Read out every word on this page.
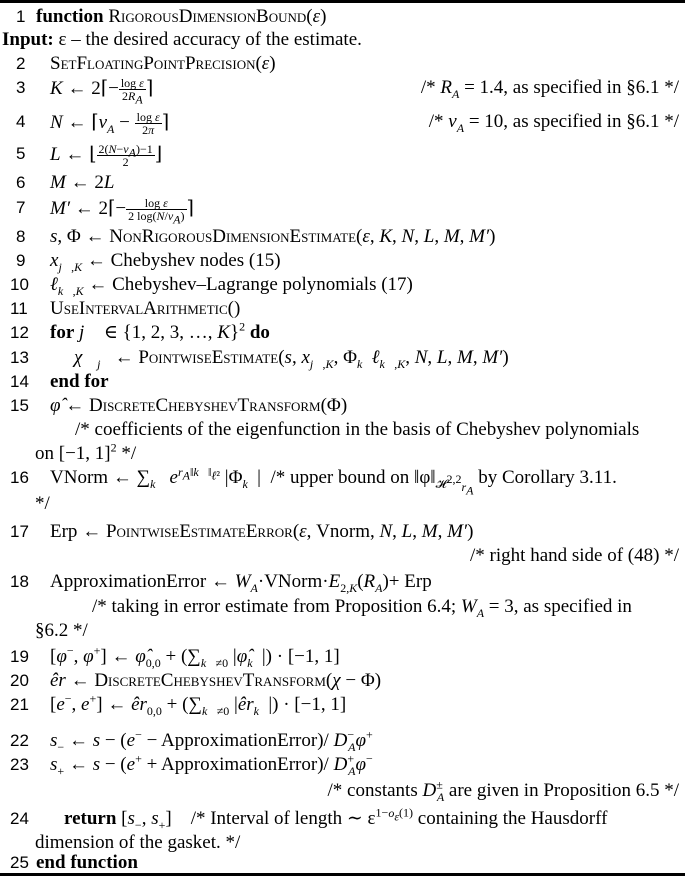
1 function RigorousDimensionBound(ε)
Input: ε – the desired accuracy of the estimate.
2 SetFloatingPointPrecision(ε)
3 K ← 2⌈− $\frac{\text{log ε}}{2R_A}$ ⌉	/* $R_A = 1.4$, as specified in §6.1 */
4 N ← $⌈\nu_A - \frac{\text{log ε}}{2\pi}$ ⌉	/* $\nu_A = 10$, as specified in §6.1 */
5 L ← ⌊ $\frac{2(N-\nu_A)-1}{2}$ ⌋
6 M ← 2L
7 M′ ← 2⌈− $\frac{\text{log ε}}{2 \log(N/\nu_A)}$ ⌉
8 s, Φ ← NonRigorousDimensionEstimate(ε, K, N, L, M, M′)
9 $x_{j⃗,K}$ ← Chebyshev nodes (15)
10 ℓ$_{k⃗,K}$ ← Chebyshev–Lagrange polynomials (17)
11 UseIntervalArithmetic()
12 for j⃗ ∈ {1, 2, 3, …, K}$^2$ do
13 $\chi⃗_{j⃗}$ ← PointwiseEstimate(s, $x_{j⃗,K}$, $\Phi_{k⃗}\ell_{k⃗,K}$, N, L, M, M′)
14 end for
15 φ̂ ← DiscreteChebyshevTransform(Φ)
/* coefficients of the eigenfunction in the basis of Chebyshev polynomials
on [−1, 1]$^2$ */
16 VNorm ← $\sum_{k⃗}$ $e^{r_A‖k⃗‖_{\ell^2}}$ $|\Phi_{k⃗}|$  /* upper bound on $‖\varphi‖_{𝓗^{2,2}_{r_A}}$ by Corollary 3.11.
*/
17 Erp ← PointwiseEstimateError(ε, Vnorm, N, L, M, M′)
/* right hand side of (48) */
18 ApproximationError ← $W_A\cdot VNorm\cdot E_{2,K}(R_A)+$ Erp
/* taking in error estimate from Proposition 6.4; $W_A = 3$, as specified in
§6.2 */
19 [φ−, φ+] ← $\varphî_{0,0} + (\sum_{k⃗\ne 0}$ $|\varphî_{k⃗}|) \cdot [-1$, 1]
20 êr ← DiscreteChebyshevTransform(χ − Φ)
21 [e−, e+] ← $êr_{0,0} + (\sum_{k⃗\ne 0}$ $|êr_{k⃗}|) \cdot [-1$, 1]
22 $s_-$ ← s − (e− − ApproximationError)/ $D^-_A\varphi^+$
23 $s_+$ ← s − (e+ + ApproximationError)/ $D^+_A\varphi^-$
/* constants $D^\pm_A$ are given in Proposition 6.5 */
24 return [$s_-$, $s_+$]    /* Interval of length ∼ $\varepsilon^{1-o_\varepsilon(1)}$ containing the Hausdorff
dimension of the gasket. */
25 end function
